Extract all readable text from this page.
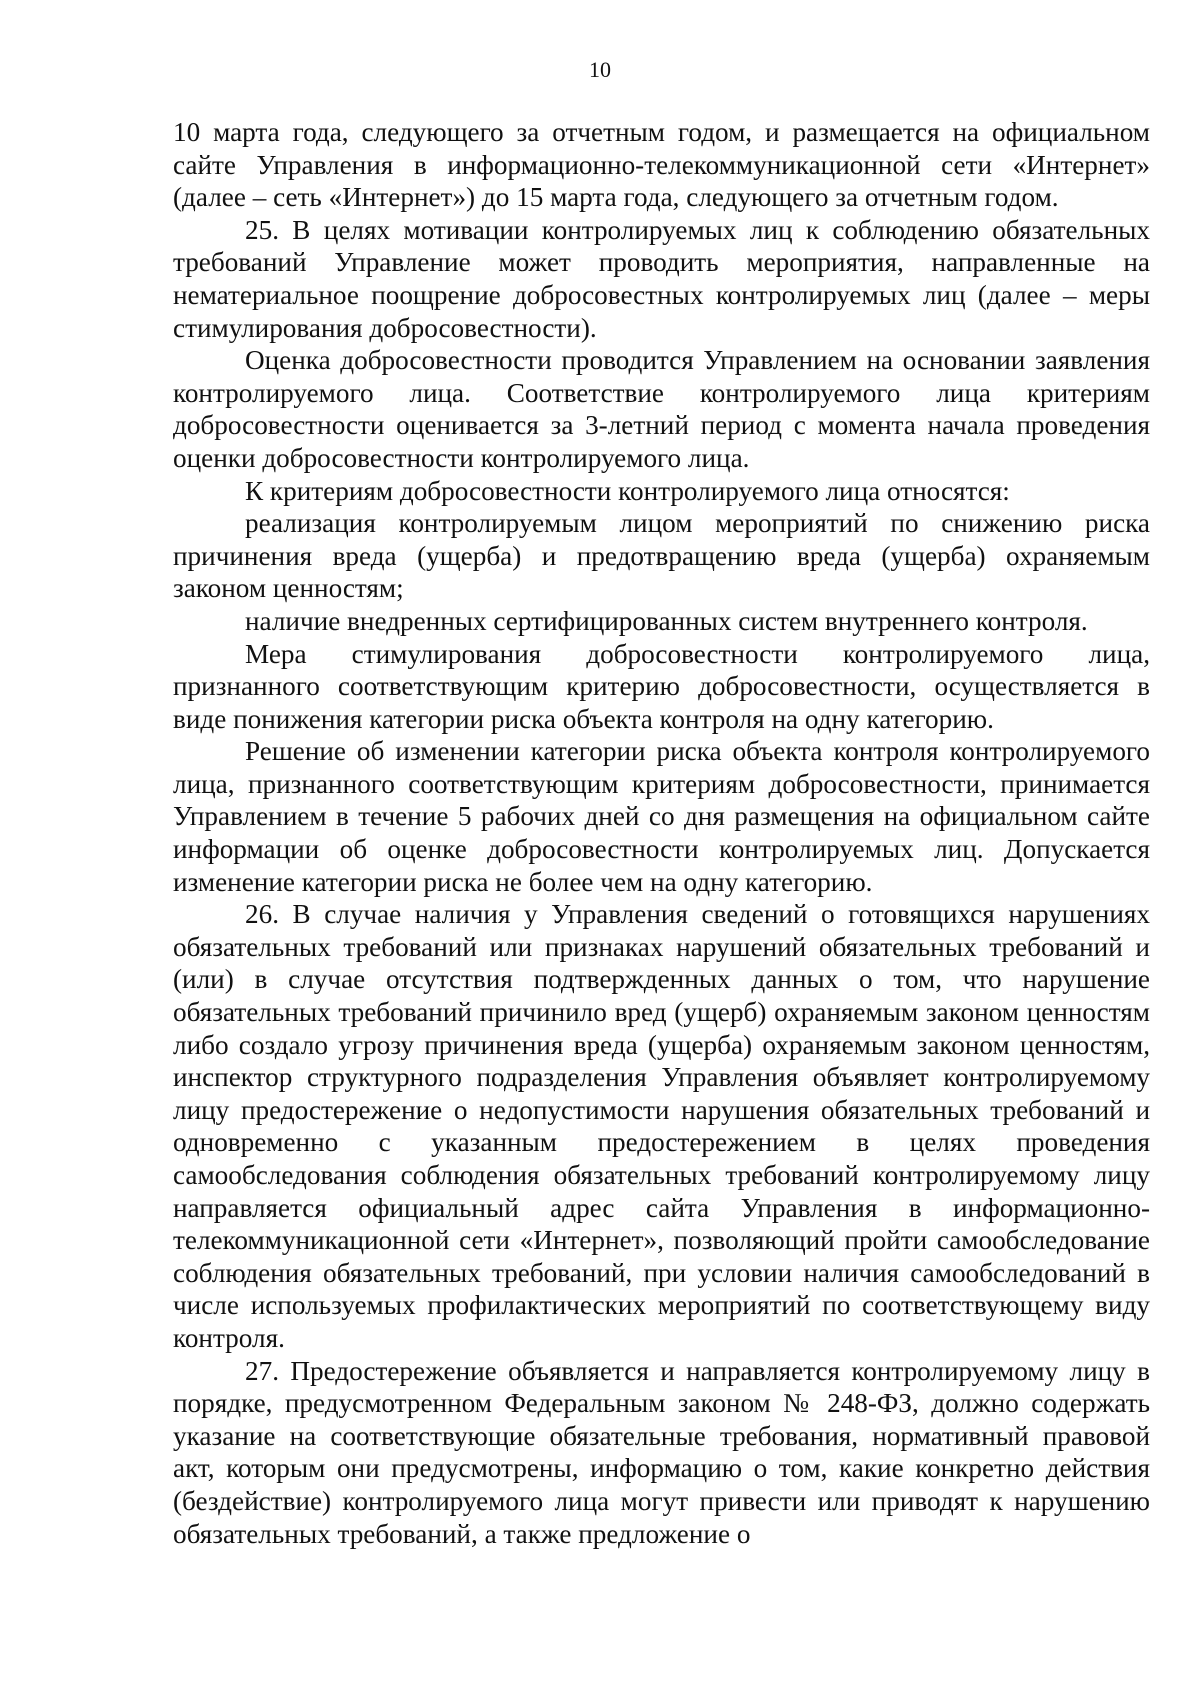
10

10 марта года, следующего за отчетным годом, и размещается на официальном сайте Управления в информационно-телекоммуникационной сети «Интернет» (далее – сеть «Интернет») до 15 марта года, следующего за отчетным годом.

25. В целях мотивации контролируемых лиц к соблюдению обязательных требований Управление может проводить мероприятия, направленные на нематериальное поощрение добросовестных контролируемых лиц (далее – меры стимулирования добросовестности).

Оценка добросовестности проводится Управлением на основании заявления контролируемого лица. Соответствие контролируемого лица критериям добросовестности оценивается за 3-летний период с момента начала проведения оценки добросовестности контролируемого лица.

К критериям добросовестности контролируемого лица относятся:

реализация контролируемым лицом мероприятий по снижению риска причинения вреда (ущерба) и предотвращению вреда (ущерба) охраняемым законом ценностям;

наличие внедренных сертифицированных систем внутреннего контроля.

Мера стимулирования добросовестности контролируемого лица, признанного соответствующим критерию добросовестности, осуществляется в виде понижения категории риска объекта контроля на одну категорию.

Решение об изменении категории риска объекта контроля контролируемого лица, признанного соответствующим критериям добросовестности, принимается Управлением в течение 5 рабочих дней со дня размещения на официальном сайте информации об оценке добросовестности контролируемых лиц. Допускается изменение категории риска не более чем на одну категорию.

26. В случае наличия у Управления сведений о готовящихся нарушениях обязательных требований или признаках нарушений обязательных требований и (или) в случае отсутствия подтвержденных данных о том, что нарушение обязательных требований причинило вред (ущерб) охраняемым законом ценностям либо создало угрозу причинения вреда (ущерба) охраняемым законом ценностям, инспектор структурного подразделения Управления объявляет контролируемому лицу предостережение о недопустимости нарушения обязательных требований и одновременно с указанным предостережением в целях проведения самообследования соблюдения обязательных требований контролируемому лицу направляется официальный адрес сайта Управления в информационно-телекоммуникационной сети «Интернет», позволяющий пройти самообследование соблюдения обязательных требований, при условии наличия самообследований в числе используемых профилактических мероприятий по соответствующему виду контроля.

27. Предостережение объявляется и направляется контролируемому лицу в порядке, предусмотренном Федеральным законом № 248-ФЗ, должно содержать указание на соответствующие обязательные требования, нормативный правовой акт, которым они предусмотрены, информацию о том, какие конкретно действия (бездействие) контролируемого лица могут привести или приводят к нарушению обязательных требований, а также предложение о
